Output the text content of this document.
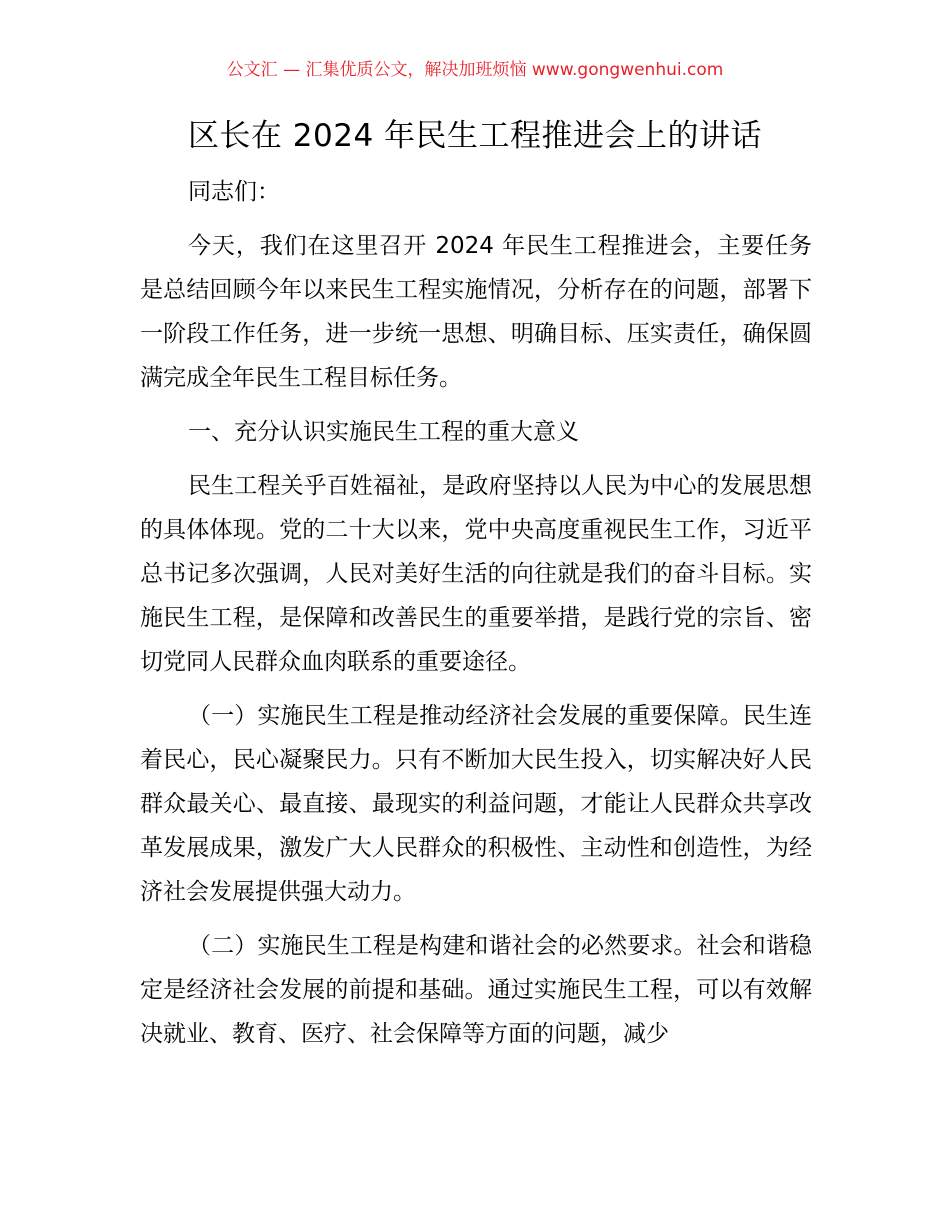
公文汇 — 汇集优质公文，解决加班烦恼 www.gongwenhui.com
区长在 2024 年民生工程推进会上的讲话

同志们：

今天，我们在这里召开 2024 年民生工程推进会，主要任务是总结回顾今年以来民生工程实施情况，分析存在的问题，部署下一阶段工作任务，进一步统一思想、明确目标、压实责任，确保圆满完成全年民生工程目标任务。

一、充分认识实施民生工程的重大意义

民生工程关乎百姓福祉，是政府坚持以人民为中心的发展思想的具体体现。党的二十大以来，党中央高度重视民生工作，习近平总书记多次强调，人民对美好生活的向往就是我们的奋斗目标。实施民生工程，是保障和改善民生的重要举措，是践行党的宗旨、密切党同人民群众血肉联系的重要途径。

（一）实施民生工程是推动经济社会发展的重要保障。民生连着民心，民心凝聚民力。只有不断加大民生投入，切实解决好人民群众最关心、最直接、最现实的利益问题，才能让人民群众共享改革发展成果，激发广大人民群众的积极性、主动性和创造性，为经济社会发展提供强大动力。

（二）实施民生工程是构建和谐社会的必然要求。社会和谐稳定是经济社会发展的前提和基础。通过实施民生工程，可以有效解决就业、教育、医疗、社会保障等方面的问题，减少
